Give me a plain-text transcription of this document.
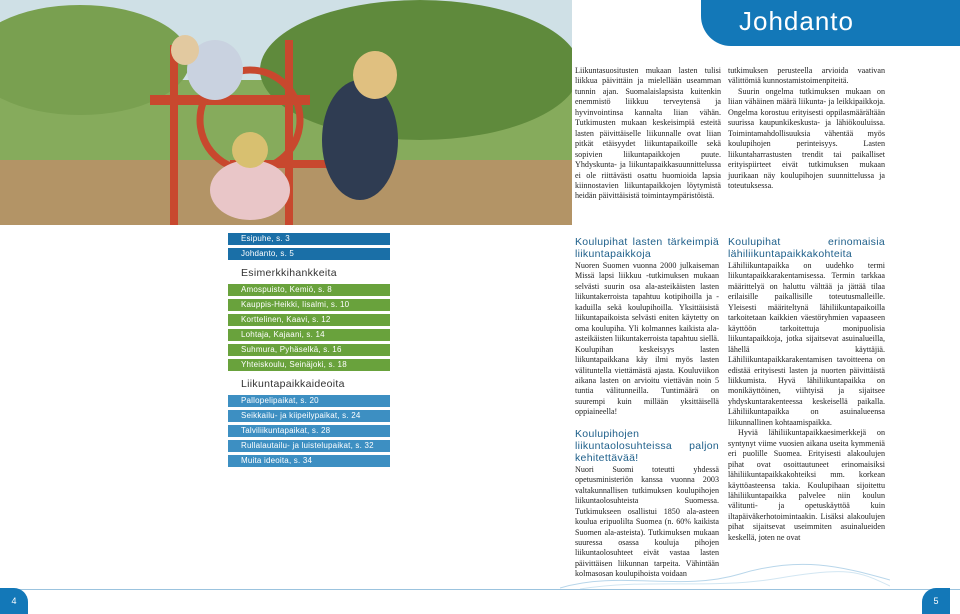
Johdanto

Liikuntasuositusten mukaan lasten tulisi liikkua päivittäin ja mielellään useamman tunnin ajan. Suomalaislapsista kuitenkin enemmistö liikkuu terveytensä ja hyvinvointinsa kannalta liian vähän. Tutkimusten mukaan keskeisimpiä esteitä lasten päivittäiselle liikunnalle ovat liian pitkät etäisyydet liikuntapaikoille sekä sopivien liikuntapaikkojen puute. Yhdyskunta- ja liikuntapaikkasuunnittelussa ei ole riittävästi osattu huomioida lapsia kiinnostavien liikuntapaikkojen löytymistä heidän päivittäisistä toimintaympäristöistä.

tutkimuksen perusteella arvioida vaativan välittömiä kunnostamistoimenpiteitä.

Suurin ongelma tutkimuksen mukaan on liian vähäinen määrä liikunta- ja leikkipaikkoja. Ongelma korostuu erityisesti oppilasmäärältään suurissa kaupunkikeskusta- ja lähiökouluissa. Toimintamahdollisuuksia vähentää myös koulupihojen perinteisyys. Lasten liikuntaharrastusten trendit tai paikalliset erityispiirteet eivät tutkimuksen mukaan juurikaan näy koulupihojen suunnittelussa ja toteutuksessa.

Esipuhe, s. 3
Johdanto, s. 5
Esimerkkihankkeita
Amospuisto, Kemiö, s. 8
Kauppis-Heikki, Iisalmi, s. 10
Korttelinen, Kaavi, s. 12
Lohtaja, Kajaani, s. 14
Suhmura, Pyhäselkä, s. 16
Yhteiskoulu, Seinäjoki, s. 18
Liikuntapaikkaideoita
Pallopelipaikat, s. 20
Seikkailu- ja kiipeilypaikat, s. 24
Talviliikuntapaikat, s. 28
Rullalautailu- ja luistelupaikat, s. 32
Muita ideoita, s. 34
Koulupihat lasten tärkeimpiä liikuntapaikkoja

Nuoren Suomen vuonna 2000 julkaiseman Missä lapsi liikkuu -tutkimuksen mukaan selvästi suurin osa ala-asteikäisten lasten liikuntakerroista tapahtuu kotipihoilla ja -kaduilla sekä koulupihoilla. Yksittäisistä liikuntapaikoista selvästi eniten käytetty on oma koulupiha. Yli kolmannes kaikista ala-asteikäisten liikuntakerroista tapahtuu siellä. Koulupihan keskeisyys lasten liikuntapaikkana käy ilmi myös lasten välituntella viettämästä ajasta. Kouluviikon aikana lasten on arvioitu viettävän noin 5 tuntia välitunneilla. Tuntimäärä on suurempi kuin millään yksittäisellä oppiaineella!

Koulupihojen liikuntaolosuhteissa paljon kehitettävää!

Nuori Suomi toteutti yhdessä opetusministeriön kanssa vuonna 2003 valtakunnallisen tutkimuksen koulupihojen liikuntaolosuhteista Suomessa. Tutkimukseen osallistui 1850 ala-asteen koulua eripuolilta Suomea (n. 60% kaikista Suomen ala-asteista). Tutkimuksen mukaan suuressa osassa kouluja pihojen liikuntaolosuhteet eivät vastaa lasten päivittäisen liikunnan tarpeita. Vähintään kolmasosan koulupihoista voidaan

Koulupihat erinomaisia lähiliikuntapaikkakohteita

Lähiliikuntapaikka on uudehko termi liikuntapaikkarakentamisessa. Termin tarkkaa määrittelyä on haluttu välttää ja jättää tilaa erilaisille paikallisille toteutusmalleille. Yleisesti määriteltynä lähiliikuntapaikoilla tarkoitetaan kaikkien väestöryhmien vapaaseen käyttöön tarkoitettuja monipuolisia liikuntapaikkoja, jotka sijaitsevat asuinalueilla, lähellä käyttäjiä. Lähiliikuntapaikkarakentamisen tavoitteena on edistää erityisesti lasten ja nuorten päivittäistä liikkumista. Hyvä lähiliikuntapaikka on monikäyttöinen, viihtyisä ja sijaitsee yhdyskuntarakenteessa keskeisellä paikalla. Lähiliikuntapaikka on asuinalueensa liikunnallinen kohtaamispaikka.

Hyviä lähiliikuntapaikkaesimerkkejä on syntynyt viime vuosien aikana useita kymmeniä eri puolille Suomea. Erityisesti alakoulujen pihat ovat osoittautuneet erinomaisiksi lähiliikuntapaikkakohteiksi mm. korkean käyttöasteensa takia. Koulupihaan sijoitettu lähiliikuntapaikka palvelee niin koulun välitunti- ja opetuskäyttöä kuin iltapäiväkerhotoimintaakin. Lisäksi alakoulujen pihat sijaitsevat useimmiten asuinalueiden keskellä, joten ne ovat

4	5
